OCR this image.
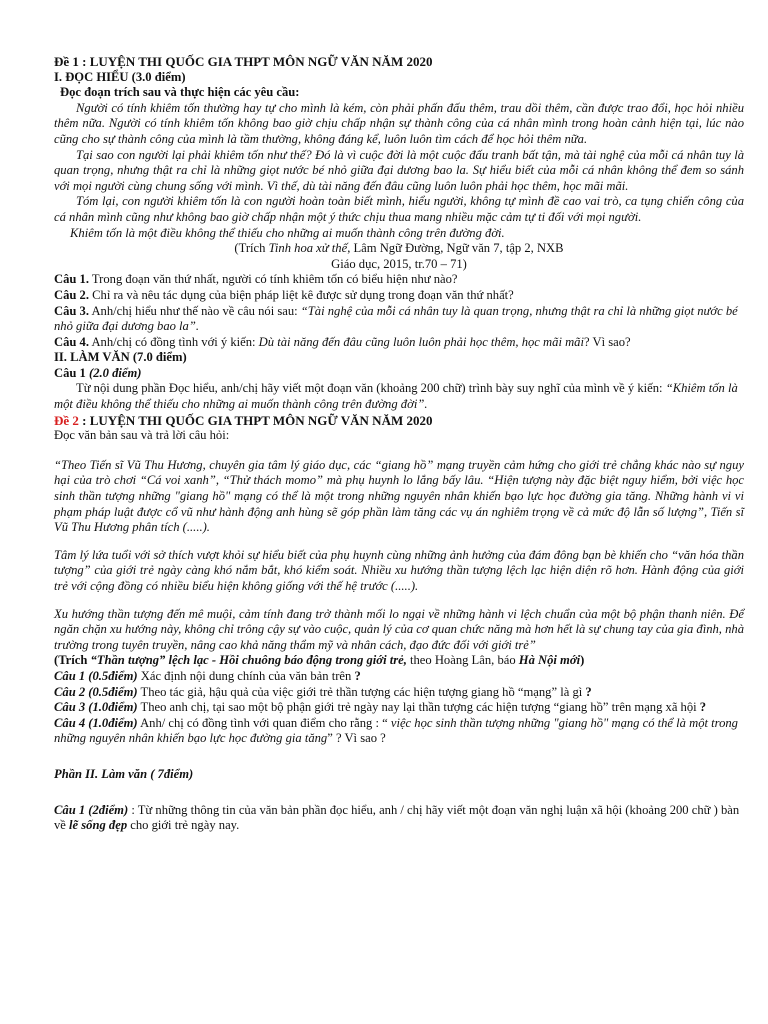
Đề 1 : LUYỆN THI QUỐC GIA THPT MÔN NGỮ VĂN NĂM 2020

I. ĐỌC HIỂU (3.0 điểm)

Đọc đoạn trích sau và thực hiện các yêu cầu:

Người có tính khiêm tốn thường hay tự cho mình là kém, còn phải phấn đấu thêm, trau dồi thêm, cần được trao đổi, học hỏi nhiều thêm nữa. Người có tính khiêm tốn không bao giờ chịu chấp nhận sự thành công của cá nhân mình trong hoàn cảnh hiện tại, lúc nào cũng cho sự thành công của mình là tầm thường, không đáng kể, luôn luôn tìm cách để học hỏi thêm nữa.

Tại sao con người lại phải khiêm tốn như thế? Đó là vì cuộc đời là một cuộc đấu tranh bất tận, mà tài nghệ của mỗi cá nhân tuy là quan trọng, nhưng thật ra chỉ là những giọt nước bé nhỏ giữa đại dương bao la. Sự hiểu biết của mỗi cá nhân không thể đem so sánh với mọi người cùng chung sống với mình. Vì thế, dù tài năng đến đâu cũng luôn luôn phải học thêm, học mãi mãi.

Tóm lại, con người khiêm tốn là con người hoàn toàn biết mình, hiểu người, không tự mình đề cao vai trò, ca tụng chiến công của cá nhân mình cũng như không bao giờ chấp nhận một ý thức chịu thua mang nhiều mặc cảm tự ti đối với mọi người.

Khiêm tốn là một điều không thể thiếu cho những ai muốn thành công trên đường đời.

(Trích Tinh hoa xử thế, Lâm Ngữ Đường, Ngữ văn 7, tập 2, NXB

Giáo dục, 2015, tr.70 – 71)

Câu 1. Trong đoạn văn thứ nhất, người có tính khiêm tốn có biểu hiện như nào?

Câu 2. Chỉ ra và nêu tác dụng của biện pháp liệt kê được sử dụng trong đoạn văn thứ nhất?

Câu 3. Anh/chị hiểu như thế nào về câu nói sau: “Tài nghệ của mỗi cá nhân tuy là quan trọng, nhưng thật ra chỉ là những giọt nước bé nhỏ giữa đại dương bao la”.

Câu 4. Anh/chị có đồng tình với ý kiến: Dù tài năng đến đâu cũng luôn luôn phải học thêm, học mãi mãi? Vì sao?

II. LÀM VĂN (7.0 điểm)

Câu 1 (2.0 điểm)

Từ nội dung phần Đọc hiểu, anh/chị hãy viết một đoạn văn (khoảng 200 chữ) trình bày suy nghĩ của mình về ý kiến: “Khiêm tốn là một điều không thể thiếu cho những ai muốn thành công trên đường đời”.

Đề 2 : LUYỆN THI QUỐC GIA THPT MÔN NGỮ VĂN NĂM 2020

Đọc văn bản sau và trả lời câu hỏi:

“Theo Tiến sĩ Vũ Thu Hương, chuyên gia tâm lý giáo dục, các “giang hồ” mạng truyền cảm hứng cho giới trẻ chẳng khác nào sự nguy hại của trò chơi “Cá voi xanh”, “Thử thách momo” mà phụ huynh lo lắng bấy lâu. “Hiện tượng này đặc biệt nguy hiểm, bởi việc học sinh thần tượng những "giang hồ" mạng có thể là một trong những nguyên nhân khiến bạo lực học đường gia tăng. Những hành vi vi phạm pháp luật được cổ vũ như hành động anh hùng sẽ góp phần làm tăng các vụ án nghiêm trọng về cả mức độ lẫn số lượng”, Tiến sĩ Vũ Thu Hương phân tích (.....).

Tâm lý lứa tuổi với sở thích vượt khỏi sự hiểu biết của phụ huynh cùng những ảnh hưởng của đám đông bạn bè khiến cho “văn hóa thần tượng” của giới trẻ ngày càng khó nắm bắt, khó kiểm soát. Nhiều xu hướng thần tượng lệch lạc hiện diện rõ hơn. Hành động của giới trẻ với cộng đồng có nhiều biểu hiện không giống với thế hệ trước (.....).

Xu hướng thần tượng đến mê muội, cảm tính đang trở thành mối lo ngại về những hành vi lệch chuẩn của một bộ phận thanh niên. Để ngăn chặn xu hướng này, không chỉ trông cậy sự vào cuộc, quản lý của cơ quan chức năng mà hơn hết là sự chung tay của gia đình, nhà trường trong tuyên truyền, nâng cao khả năng thẩm mỹ và nhân cách, đạo đức đối với giới trẻ”

(Trích “Thần tượng” lệch lạc - Hồi chuông báo động trong giới trẻ, theo Hoàng Lân, báo Hà Nội mới)

Câu 1 (0.5điểm) Xác định nội dung chính của văn bản trên ?

Câu 2 (0.5điểm) Theo tác giả, hậu quả của việc giới trẻ thần tượng các hiện tượng giang hồ “mạng” là gì ?

Câu 3 (1.0điểm) Theo anh chị, tại sao một bộ phận giới trẻ ngày nay lại thần tượng các hiện tượng “giang hồ” trên mạng xã hội ?

Câu 4 (1.0điểm) Anh/ chị có đồng tình với quan điểm cho rằng : “ việc học sinh thần tượng những "giang hồ" mạng có thể là một trong những nguyên nhân khiến bạo lực học đường gia tăng” ? Vì sao ?

Phần II. Làm văn ( 7điểm)

Câu 1 (2điểm) : Từ những thông tin của văn bản phần đọc hiểu, anh / chị hãy viết một đoạn văn nghị luận xã hội (khoảng 200 chữ ) bàn về lẽ sống đẹp cho giới trẻ ngày nay.
